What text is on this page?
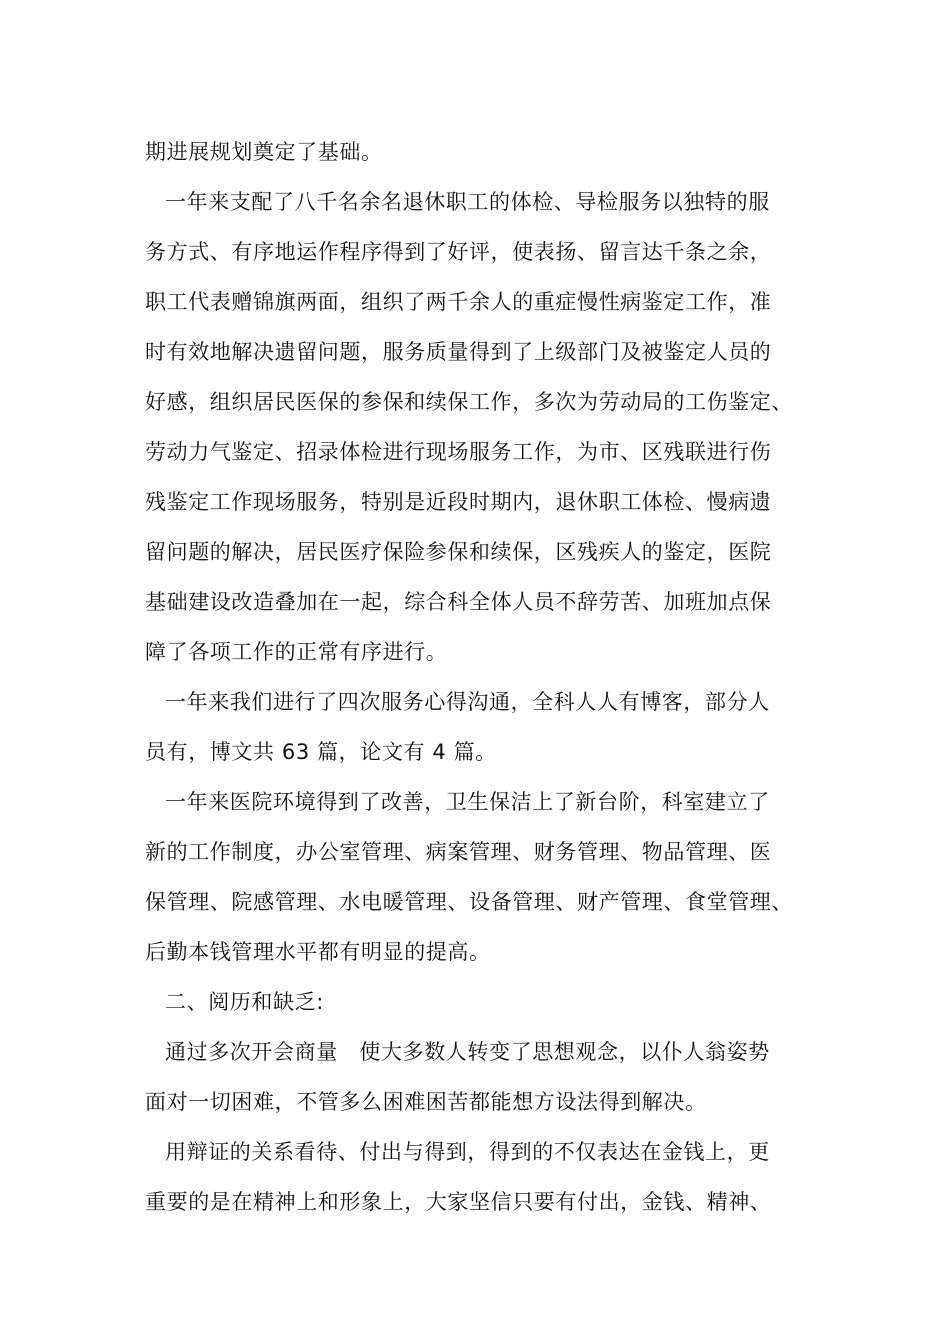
期进展规划奠定了基础。

一年来支配了八千名余名退休职工的体检、导检服务以独特的服

务方式、有序地运作程序得到了好评，使表扬、留言达千条之余，

职工代表赠锦旗两面，组织了两千余人的重症慢性病鉴定工作，准

时有效地解决遗留问题，服务质量得到了上级部门及被鉴定人员的

好感，组织居民医保的参保和续保工作，多次为劳动局的工伤鉴定、

劳动力气鉴定、招录体检进行现场服务工作，为市、区残联进行伤

残鉴定工作现场服务，特别是近段时期内，退休职工体检、慢病遗

留问题的解决，居民医疗保险参保和续保，区残疾人的鉴定，医院

基础建设改造叠加在一起，综合科全体人员不辞劳苦、加班加点保

障了各项工作的正常有序进行。

一年来我们进行了四次服务心得沟通，全科人人有博客，部分人

员有，博文共 63 篇，论文有 4 篇。

一年来医院环境得到了改善，卫生保洁上了新台阶，科室建立了

新的工作制度，办公室管理、病案管理、财务管理、物品管理、医

保管理、院感管理、水电暖管理、设备管理、财产管理、食堂管理、

后勤本钱管理水平都有明显的提高。

二、阅历和缺乏:

通过多次开会商量　使大多数人转变了思想观念，以仆人翁姿势

面对一切困难，不管多么困难困苦都能想方设法得到解决。

用辩证的关系看待、付出与得到，得到的不仅表达在金钱上，更

重要的是在精神上和形象上，大家坚信只要有付出，金钱、精神、
